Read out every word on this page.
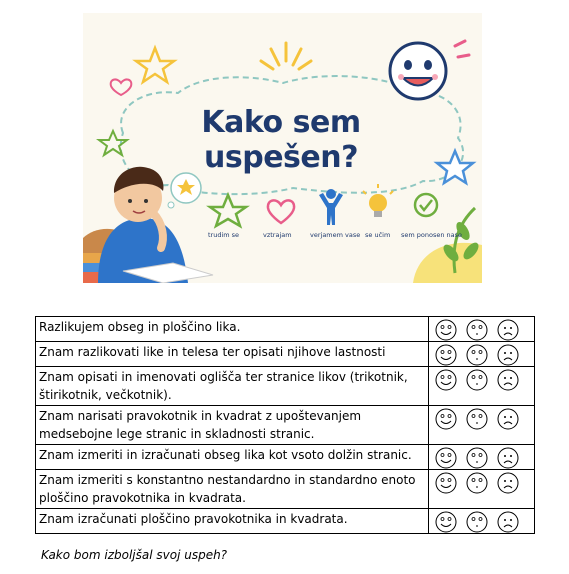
Kako sem uspešen?
trudim se	vztrajam	verjamem vase se učim sem ponosen nase
Razlikujem obseg in ploščino lika.	

Znam razlikovati like in telesa ter opisati njihove lastnosti	

Znam opisati in imenovati oglišča ter stranice likov (trikotnik, štirikotnik, večkotnik).	

Znam narisati pravokotnik in kvadrat z upoštevanjem medsebojne lege stranic in skladnosti stranic.	

Znam izmeriti in izračunati obseg lika kot vsoto dolžin stranic.	

Znam izmeriti s konstantno nestandardno in standardno enoto ploščino pravokotnika in kvadrata.	

Znam izračunati ploščino pravokotnika in kvadrata.	
Kako bom izboljšal svoj uspeh?
